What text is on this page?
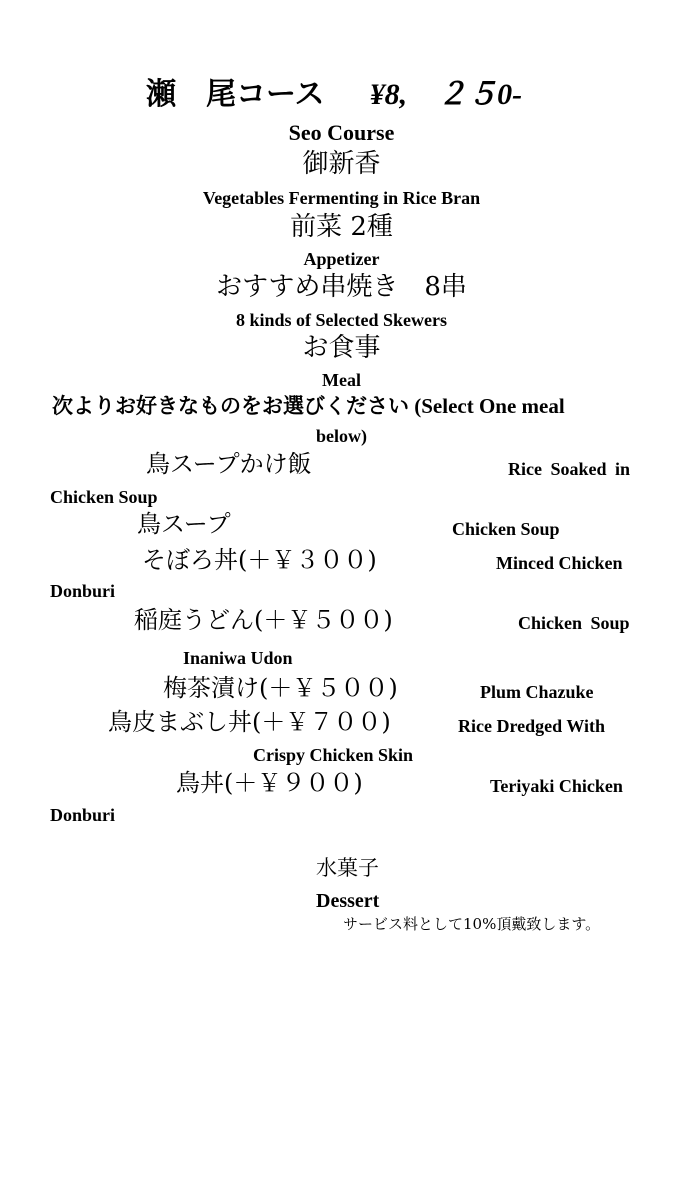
瀬　尾コース ¥8,　２５0-
Seo Course
御新香
Vegetables Fermenting in Rice Bran
前菜 2種
Appetizer
おすすめ串焼き　8串
8 kinds of Selected Skewers
お食事
Meal
次よりお好きなものをお選びください (Select One meal
below)
鳥スープかけ飯	Rice Soaked in
Chicken Soup
鳥スープ	Chicken Soup
そぼろ丼(＋￥３００)	Minced Chicken
Donburi
稲庭うどん(＋￥５００)	Chicken Soup
Inaniwa Udon
梅茶漬け(＋￥５００)	Plum Chazuke
鳥皮まぶし丼(＋￥７００)	Rice Dredged With
Crispy Chicken Skin
鳥丼(＋￥９００)	Teriyaki Chicken
Donburi
水菓子
Dessert
サービス料として10%頂戴致します。
